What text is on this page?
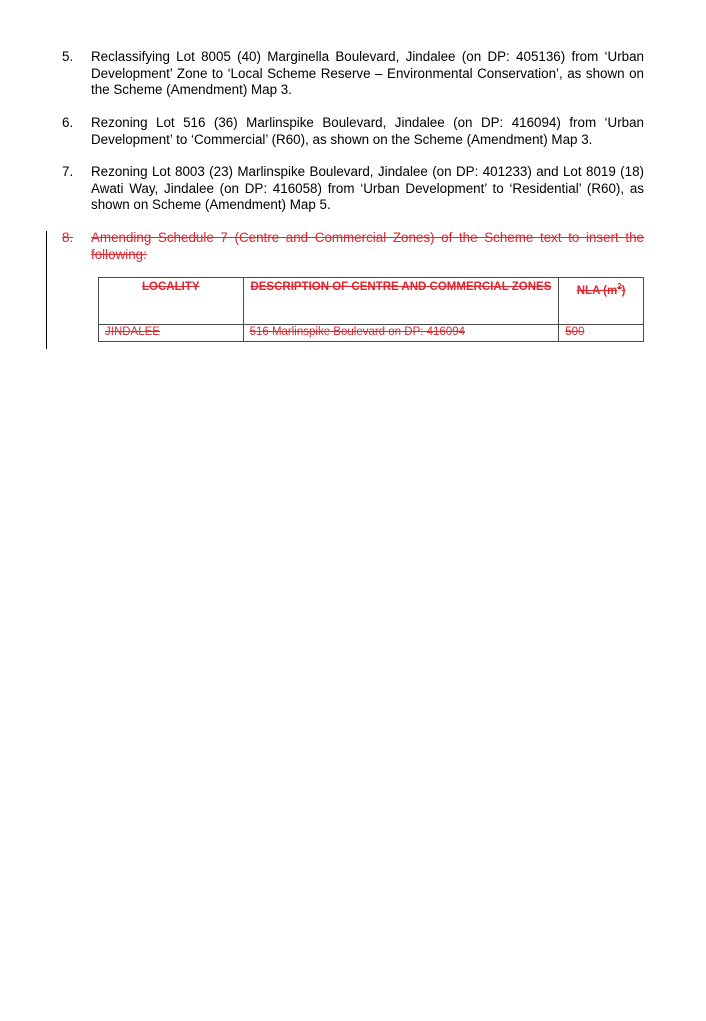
5.	Reclassifying Lot 8005 (40) Marginella Boulevard, Jindalee (on DP: 405136) from ‘Urban Development’ Zone to ‘Local Scheme Reserve – Environmental Conservation’, as shown on the Scheme (Amendment) Map 3.
6.	Rezoning Lot 516 (36) Marlinspike Boulevard, Jindalee (on DP: 416094) from ‘Urban Development’ to ‘Commercial’ (R60), as shown on the Scheme (Amendment) Map 3.
7.	Rezoning Lot 8003 (23) Marlinspike Boulevard, Jindalee (on DP: 401233) and Lot 8019 (18) Awati Way, Jindalee (on DP: 416058) from ‘Urban Development’ to ‘Residential’ (R60), as shown on Scheme (Amendment) Map 5.
8.	Amending Schedule 7 (Centre and Commercial Zones) of the Scheme text to insert the following:
LOCALITY	DESCRIPTION OF CENTRE AND COMMERCIAL ZONES	NLA $(m^2)$
JINDALEE	516 Marlinspike Boulevard on DP: 416094	500
